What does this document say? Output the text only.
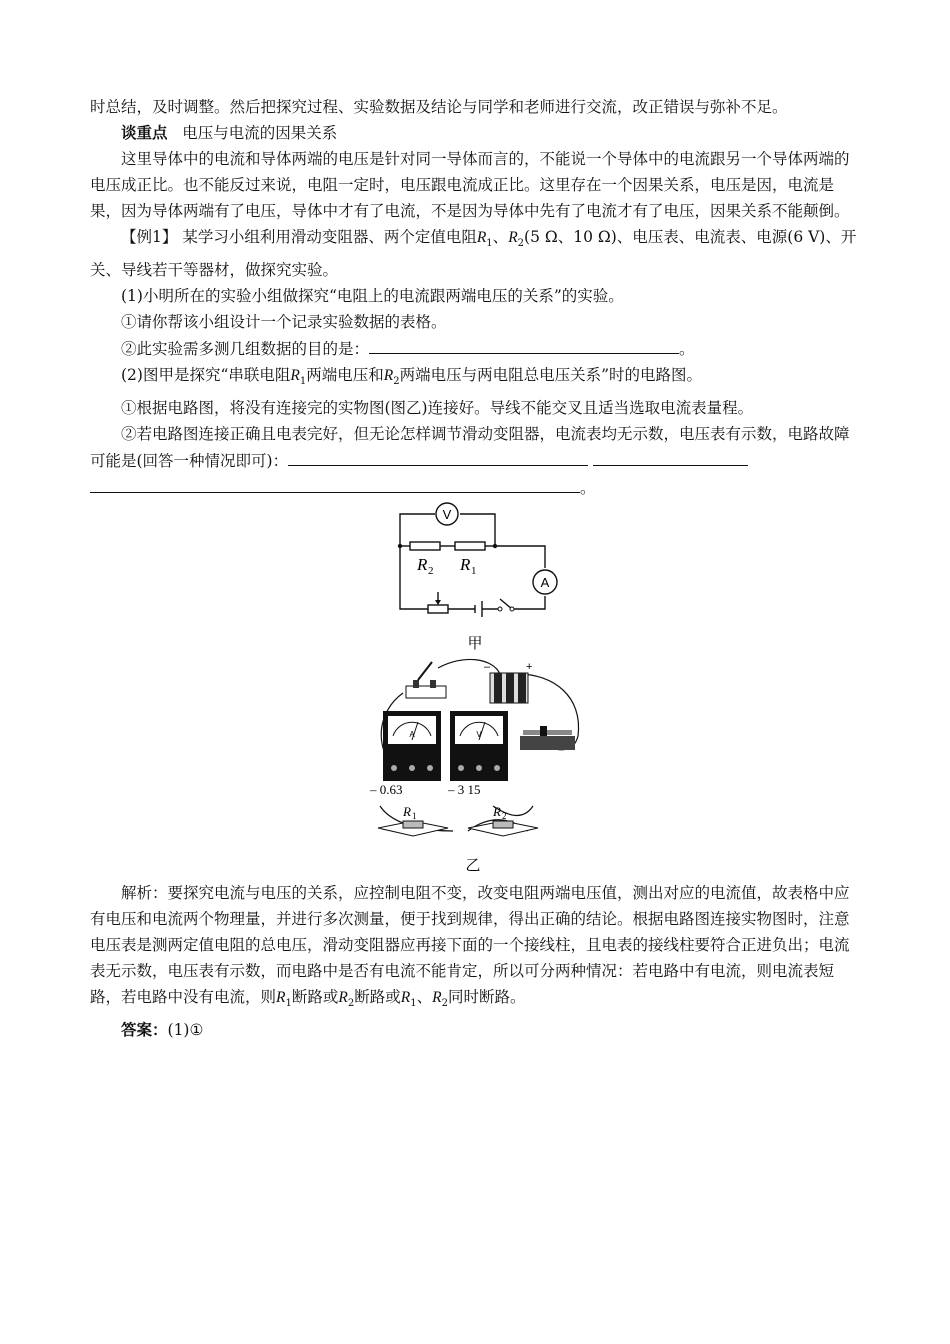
时总结，及时调整。然后把探究过程、实验数据及结论与同学和老师进行交流，改正错误与弥补不足。

谈重点 电压与电流的因果关系

这里导体中的电流和导体两端的电压是针对同一导体而言的，不能说一个导体中的电流跟另一个导体两端的电压成正比。也不能反过来说，电阻一定时，电压跟电流成正比。这里存在一个因果关系，电压是因，电流是果，因为导体两端有了电压，导体中才有了电流，不是因为导体中先有了电流才有了电压，因果关系不能颠倒。

【例1】 某学习小组利用滑动变阻器、两个定值电阻$R_1$、$R_2(5$ Ω、10 Ω)、电压表、电流表、电源(6 V)、开关、导线若干等器材，做探究实验。

(1)小明所在的实验小组做探究“电阻上的电流跟两端电压的关系”的实验。

①请你帮该小组设计一个记录实验数据的表格。

②此实验需多测几组数据的目的是：	。

(2)图甲是探究“串联电阻$R_1$两端电压和$R_2$两端电压与两电阻总电压关系”时的电路图。

①根据电路图，将没有连接完的实物图(图乙)连接好。导线不能交叉且适当选取电流表量程。

②若电路图连接正确且电表完好，但无论怎样调节滑动变阻器，电流表均无示数，电压表有示数，电路故障可能是(回答一种情况即可)：
。

V
A
R 2 R 1
甲
–	+
A	V
– 0.63	– 3 15
R 1	R 2
乙

解析：要探究电流与电压的关系，应控制电阻不变，改变电阻两端电压值，测出对应的电流值，故表格中应有电压和电流两个物理量，并进行多次测量，便于找到规律，得出正确的结论。根据电路图连接实物图时，注意电压表是测两定值电阻的总电压，滑动变阻器应再接下面的一个接线柱，且电表的接线柱要符合正进负出；电流表无示数，电压表有示数，而电路中是否有电流不能肯定，所以可分两种情况：若电路中有电流，则电流表短路，若电路中没有电流，则$R_1$断路或$R_2$断路或$R_1$、$R_2$同时断路。

答案：(1)①
